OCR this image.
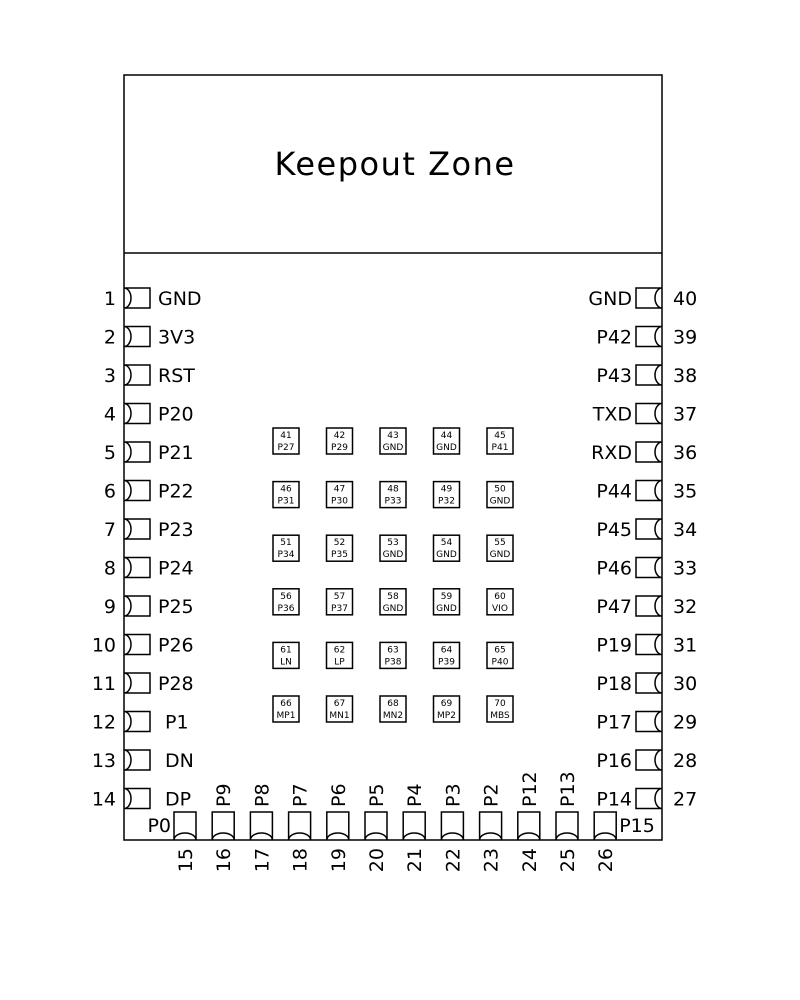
Keepout Zone
1 GND
2 3V3
3 RST
4 P20
5 P21
6 P22
7 P23
8 P24
9 P25
10 P26
11 P28
12	P1
13	DN
14	DP
40
GND
39
P42
38
P43
37
TXD
36
RXD
35
P44
34
P45
33
P46
32
P47
31
P19
30
P18
29
P17
28
P16
27
P14
15
P0
16
P9
17
P8
18
P7
19
P6
20
P5
21
P4
22
P3
23
P2
24
P12
25
P13
26
P15
41
P27
42
P29
43
GND
44
GND
45
P41
46
P31
47
P30
48
P33
49
P32
50
GND
51
P34
52
P35
53
GND
54
GND
55
GND
56
P36
57
P37
58
GND
59
GND
60
VIO
61
LN
62
LP
63
P38
64
P39
65
P40
66
MP1
67
MN1
68
MN2
69
MP2
70
MBS
